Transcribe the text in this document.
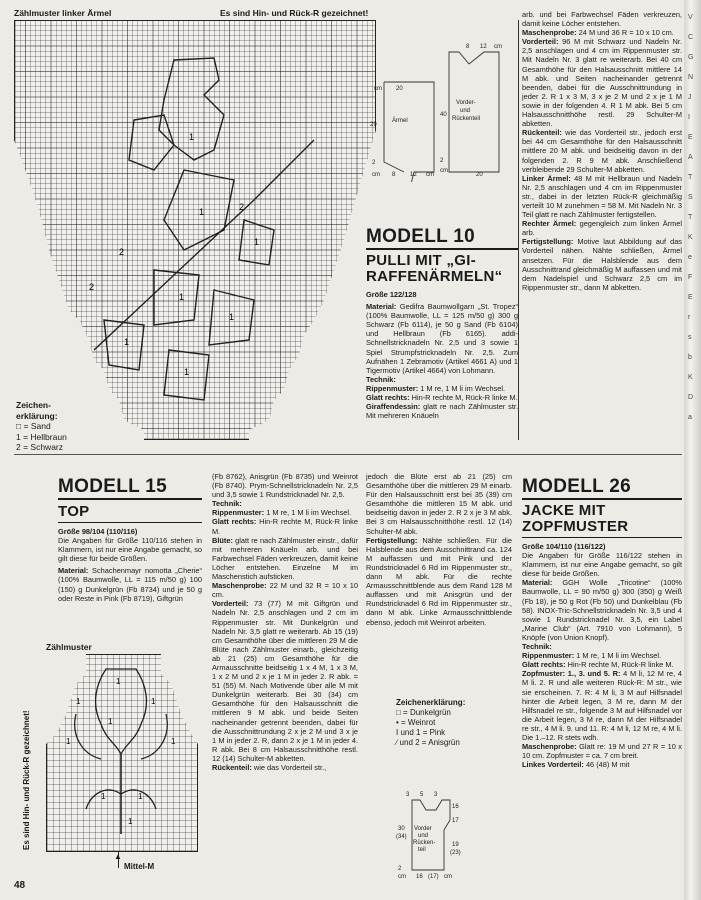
Zählmuster linker Ärmel	Es sind Hin- und Rück-R gezeichnet!
2
1
1
2
1
1
1
2
1
1
Zeichen-
erklärung:
□ = Sand
1 = Hellbraun
2 = Schwarz
8 12 cm
20
cm
29
Ärmel
2
cm 8 12 cm
40
Vorder-
und
Rückenteil
20
2
cm
MODELL 10
PULLI MIT „GI-
RAFFENÄRMELN“
Größe 122/128

Material: Gedifra Baumwollgarn „St. Tropez“ (100% Baumwolle, LL = 125 m/50 g) 300 g Schwarz (Fb 6114), je 50 g Sand (Fb 6104) und Hellbraun (Fb 6165). addi-Schnellstricknadeln Nr. 2,5 und 3 sowie 1 Spiel Strumpfstricknadeln Nr. 2,5. Zum Aufnähen 1 Zebramotiv (Artikel 4661 A) und 1 Tigermotiv (Artikel 4664) von Lohmann.

Technik:

Rippenmuster: 1 M re, 1 M li im Wechsel.

Glatt rechts: Hin-R rechte M, Rück-R linke M.

Giraffendessin: glatt re nach Zählmuster str. Mit mehreren Knäueln

arb. und bei Farbwechsel Fäden verkreuzen, damit keine Löcher entstehen.

Maschenprobe: 24 M und 36 R = 10 x 10 cm.

Vorderteil: 96 M mit Schwarz und Nadeln Nr. 2,5 anschlagen und 4 cm im Rippenmuster str. Mit Nadeln Nr. 3 glatt re weiterarb. Bei 40 cm Gesamthöhe für den Halsausschnitt mittlere 14 M abk. und Seiten nacheinander getrennt beenden, dabei für die Ausschnittrundung in jeder 2. R 1 x 3 M, 3 x je 2 M und 2 x je 1 M sowie in der folgenden 4. R 1 M abk. Bei 5 cm Halsausschnitthöhe restl. 29 Schulter-M abketten.

Rückenteil: wie das Vorderteil str., jedoch erst bei 44 cm Gesamthöhe für den Halsausschnitt mittlere 20 M abk. und beidseitig davon in der folgenden 2. R 9 M abk. Anschließend verbleibende 29 Schulter-M abketten.

Linker Ärmel: 48 M mit Hellbraun und Nadeln Nr. 2,5 anschlagen und 4 cm im Rippenmuster str., dabei in der letzten Rück-R gleichmäßig verteilt 10 M zunehmen = 58 M. Mit Nadeln Nr. 3 Teil glatt re nach Zählmuster fertigstellen.

Rechter Ärmel: gegengleich zum linken Ärmel arb.

Fertigstellung: Motive laut Abbildung auf das Vorderteil nähen. Nähte schließen, Ärmel ansetzen. Für die Halsblende aus dem Ausschnittrand gleichmäßig M auffassen und mit dem Nadelspiel und Schwarz 2,5 cm im Rippenmuster str., dann M abketten.

MODELL 15
TOP
Größe 98/104 (110/116)

Die Angaben für Größe 110/116 stehen in Klammern, ist nur eine Angabe gemacht, so gilt diese für beide Größen.

Material: Schachenmayr nomotta „Cherie“ (100% Baumwolle, LL = 115 m/50 g) 100 (150) g Dunkelgrün (Fb 8734) und je 50 g oder Reste in Pink (Fb 8719), Giftgrün

Zählmuster
1	1
1	1
1
1	1
1
1
Es sind Hin- und Rück-R gezeichnet!
▲
Mittel-M

(Fb 8762), Anisgrün (Fb 8735) und Weinrot (Fb 8740). Prym-Schnellstricknadeln Nr. 2,5 und 3,5 sowie 1 Rundstricknadel Nr. 2,5.

Technik:

Rippenmuster: 1 M re, 1 M li im Wechsel.

Glatt rechts: Hin-R rechte M, Rück-R linke M.

Blüte: glatt re nach Zählmuster einstr., dafür mit mehreren Knäueln arb. und bei Farbwechsel Fäden verkreuzen, damit keine Löcher entstehen. Einzelne M im Maschenstich aufsticken.

Maschenprobe: 22 M und 32 R = 10 x 10 cm.

Vorderteil: 73 (77) M mit Giftgrün und Nadeln Nr. 2,5 anschlagen und 2 cm im Rippenmuster str. Mit Dunkelgrün und Nadeln Nr. 3,5 glatt re weiterarb. Ab 15 (19) cm Gesamthöhe über die mittleren 29 M die Blüte nach Zählmuster einarb., gleichzeitig ab 21 (25) cm Gesamthöhe für die Armausschnitte beidseitig 1 x 4 M, 1 x 3 M, 1 x 2 M und 2 x je 1 M in jeder 2. R abk. = 51 (55) M. Nach Motivende über alle M mit Dunkelgrün weiterarb. Bei 30 (34) cm Gesamthöhe für den Halsausschnitt die mittleren 9 M abk. und beide Seiten nacheinander getrennt beenden, dabei für die Ausschnittrundung 2 x je 2 M und 3 x je 1 M in jeder 2. R, dann 2 x je 1 M in jeder 4. R abk. Bei 8 cm Halsausschnitthöhe restl. 12 (14) Schulter-M abketten.

Rückenteil: wie das Vorderteil str.,

jedoch die Blüte erst ab 21 (25) cm Gesamthöhe über die mittleren 29 M einarb. Für den Halsausschnitt erst bei 35 (39) cm Gesamthöhe die mittleren 15 M abk. und beidseitig davon in jeder 2. R 2 x je 3 M abk. Bei 3 cm Halsausschnitthöhe restl. 12 (14) Schulter-M abk.

Fertigstellung: Nähte schließen. Für die Halsblende aus dem Ausschnittrand ca. 124 M auffassen und mit Pink und der Rundstricknadel 6 Rd im Rippenmuster str., dann M abk. Für die rechte Armausschnittblende aus dem Rand 128 M auffassen und mit Anisgrün und der Rundstricknadel 6 Rd im Rippenmuster str., dann M abk. Linke Armausschnittblende ebenso, jedoch mit Weinrot arbeiten.

Zeichenerklärung:
□ = Dunkelgrün
• = Weinrot
I und 1 = Pink
∕ und 2 = Anisgrün
3 5 3
16
30
(34)
Vorder
und
Rücken-
teil
17
19
(23)
2
cm 16 (17) cm
MODELL 26
JACKE MIT
ZOPFMUSTER
Größe 104/110 (116/122)

Die Angaben für Größe 116/122 stehen in Klammern, ist nur eine Angabe gemacht, so gilt diese für beide Größen.

Material: GGH Wolle „Tricotine“ (100% Baumwolle, LL = 90 m/50 g) 300 (350) g Weiß (Fb 18), je 50 g Rot (Fb 50) und Dunkelblau (Fb 58). INOX-Tric-Schnellstricknadeln Nr. 3,5 und 4 sowie 1 Rundstricknadel Nr. 3,5, ein Label „Marine Club“ (Art. 7910 von Lohmann), 5 Knöpfe (von Union Knopf).

Technik:

Rippenmuster: 1 M re, 1 M li im Wechsel.

Glatt rechts: Hin-R rechte M, Rück-R linke M.

Zopfmuster: 1., 3. und 5. R: 4 M li, 12 M re, 4 M li. 2. R und alle weiteren Rück-R: M str., wie sie erscheinen. 7. R: 4 M li, 3 M auf Hilfsnadel hinter die Arbeit legen, 3 M re, dann M der Hilfsnadel re str., folgende 3 M auf Hilfsnadel vor die Arbeit legen, 3 M re, dann M der Hilfsnadel re str., 4 M li. 9. und 11. R: 4 M li, 12 M re, 4 M li. Die 1.–12. R stets wdh.

Maschenprobe: Glatt re: 19 M und 27 R = 10 x 10 cm. Zopfmuster = ca. 7 cm breit.

Linkes Vorderteil: 46 (48) M mit

48
V
C
G
N
J
I
E
A
T
S
T
K
e
F
E
r
s
b
K
D
a
